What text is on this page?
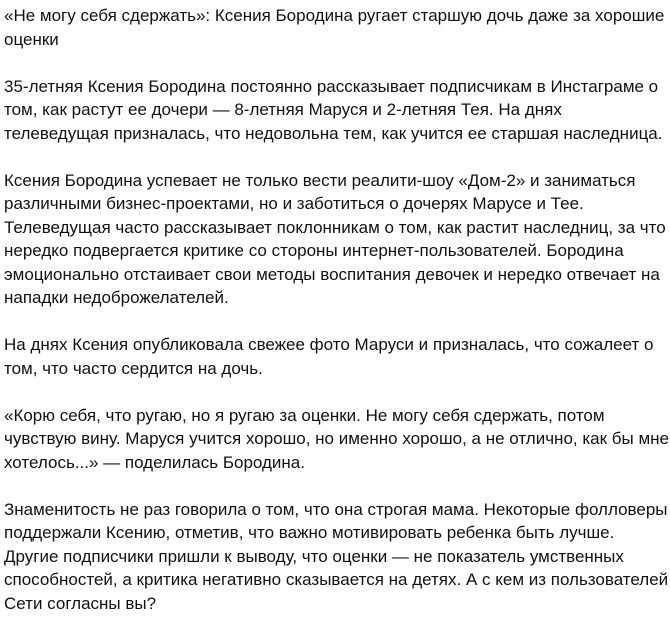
«Не могу себя сдержать»: Ксения Бородина ругает старшую дочь даже за хорошие оценки

35-летняя Ксения Бородина постоянно рассказывает подписчикам в Инстаграме о том, как растут ее дочери — 8-летняя Маруся и 2-летняя Тея. На днях телеведущая призналась, что недовольна тем, как учится ее старшая наследница.

Ксения Бородина успевает не только вести реалити-шоу «Дом-2» и заниматься различными бизнес-проектами, но и заботиться о дочерях Марусе и Тее. Телеведущая часто рассказывает поклонникам о том, как растит наследниц, за что нередко подвергается критике со стороны интернет-пользователей. Бородина эмоционально отстаивает свои методы воспитания девочек и нередко отвечает на нападки недоброжелателей.

На днях Ксения опубликовала свежее фото Маруси и призналась, что сожалеет о том, что часто сердится на дочь.

«Корю себя, что ругаю, но я ругаю за оценки. Не могу себя сдержать, потом чувствую вину. Маруся учится хорошо, но именно хорошо, а не отлично, как бы мне хотелось...» — поделилась Бородина.

Знаменитость не раз говорила о том, что она строгая мама. Некоторые фолловеры поддержали Ксению, отметив, что важно мотивировать ребенка быть лучше. Другие подписчики пришли к выводу, что оценки — не показатель умственных способностей, а критика негативно сказывается на детях. А с кем из пользователей Сети согласны вы?
